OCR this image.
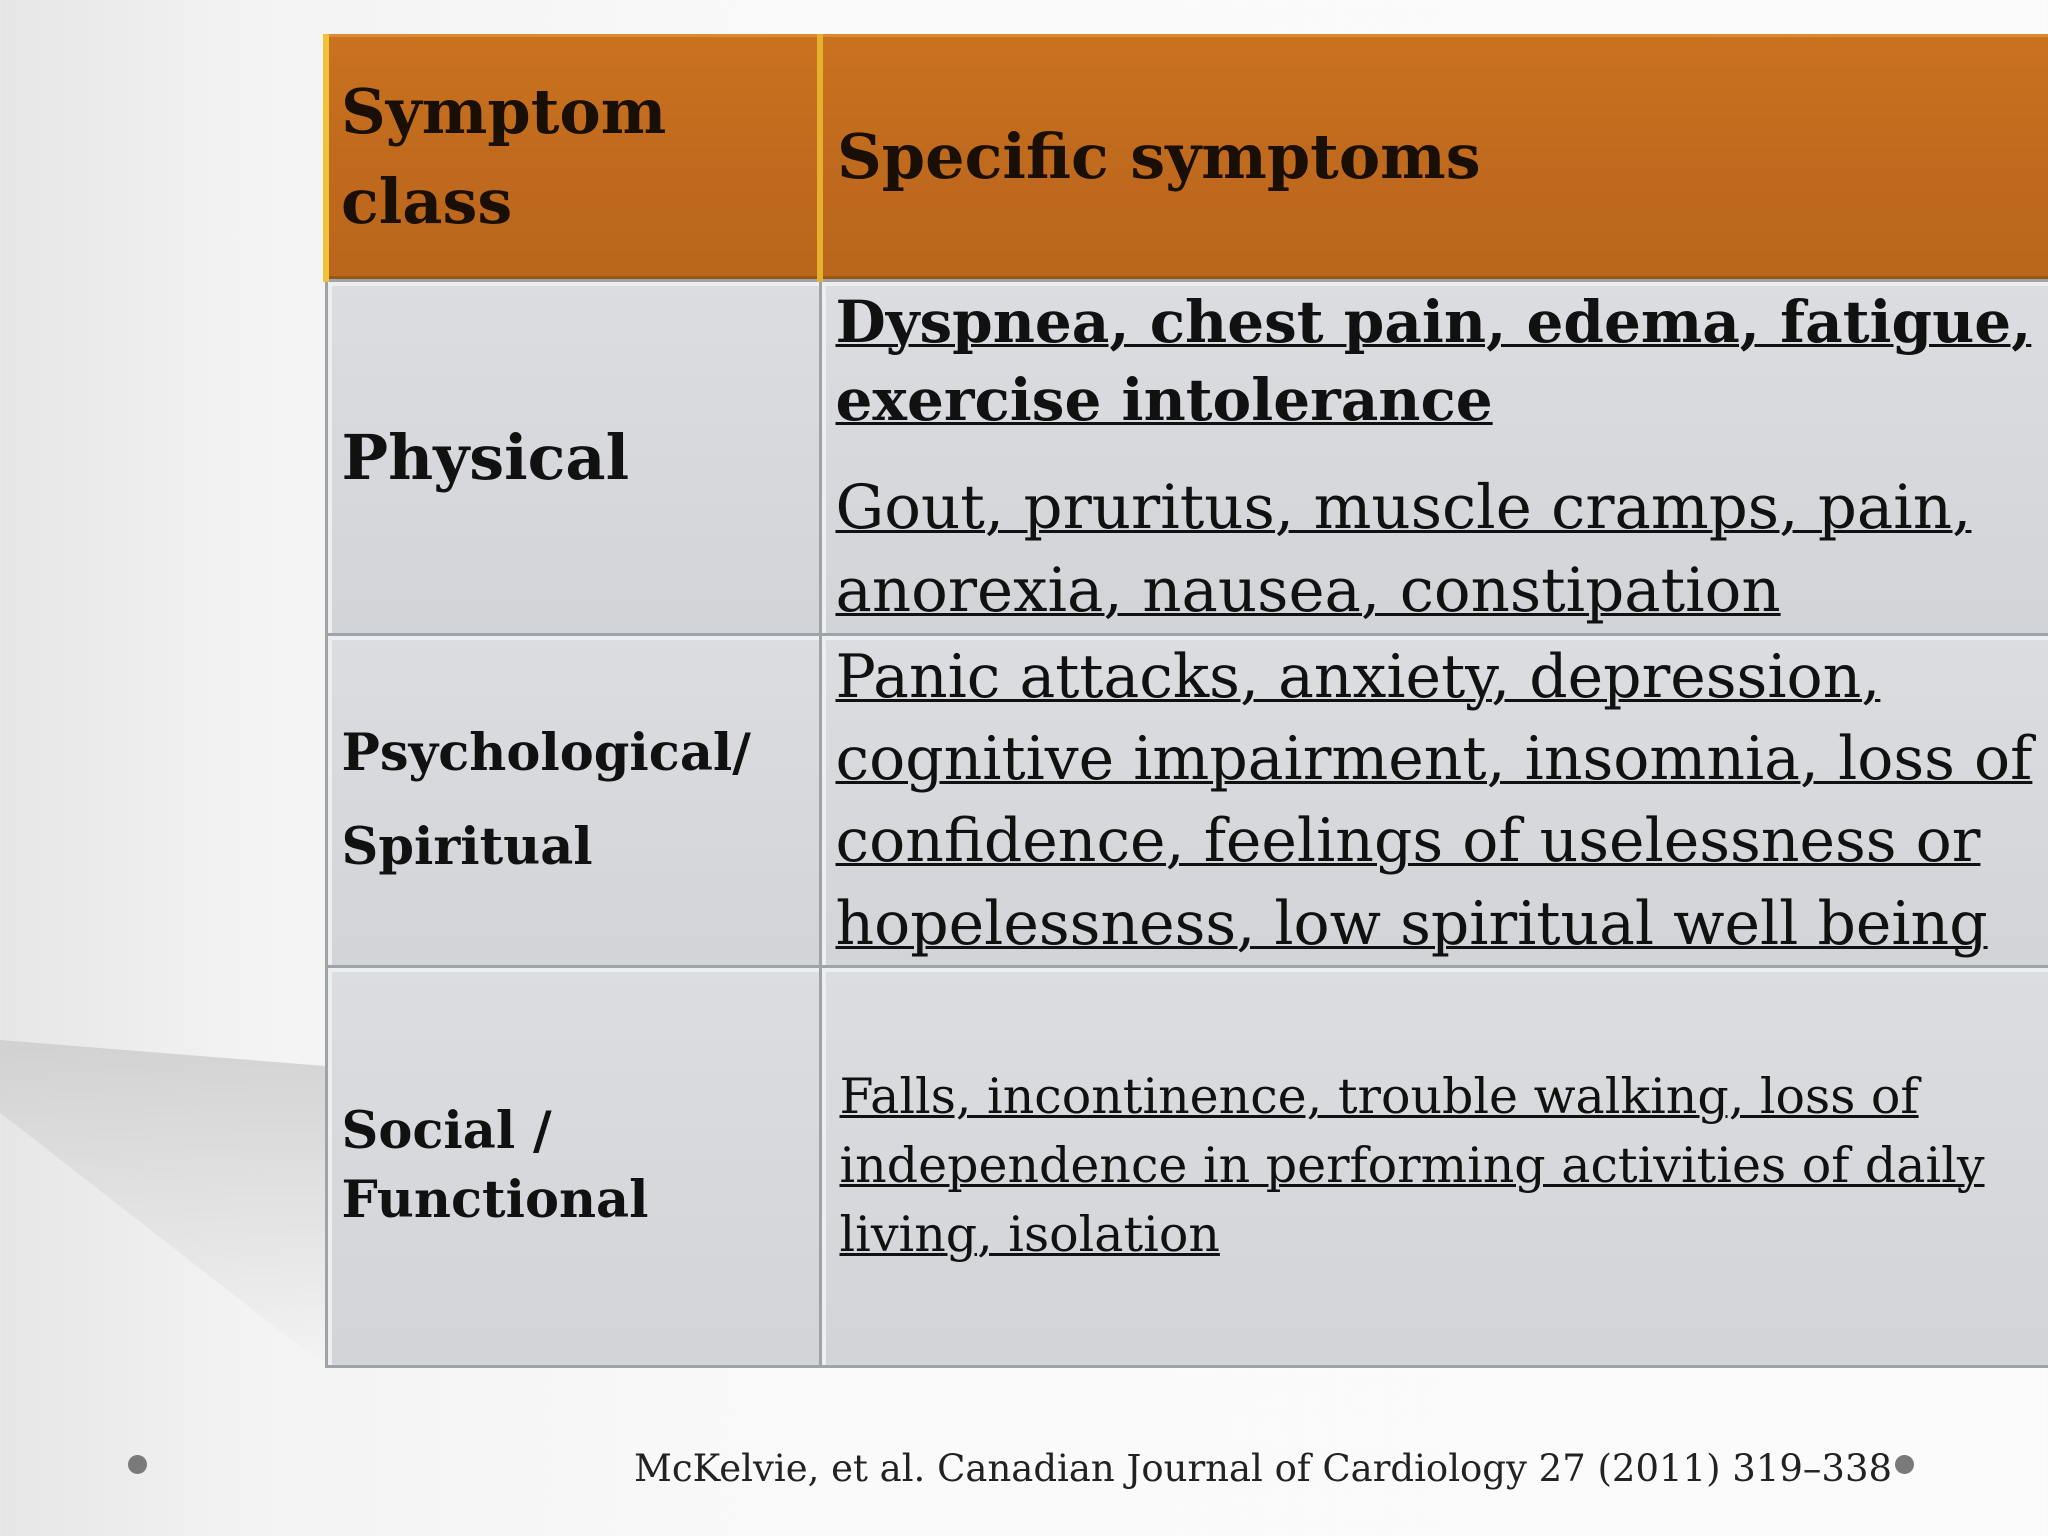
Symptom
class	Specific symptoms

Physical	Dyspnea, chest pain, edema, fatigue, exercise intolerance
Gout, pruritus, muscle cramps, pain, anorexia, nausea, constipation

Psychological/
Spiritual	Panic attacks, anxiety, depression, cognitive impairment, insomnia, loss of confidence, feelings of uselessness or hopelessness, low spiritual well being

Social /
Functional	Falls, incontinence, trouble walking, loss of independence in performing activities of daily living, isolation
McKelvie, et al. Canadian Journal of Cardiology 27 (2011) 319–338
